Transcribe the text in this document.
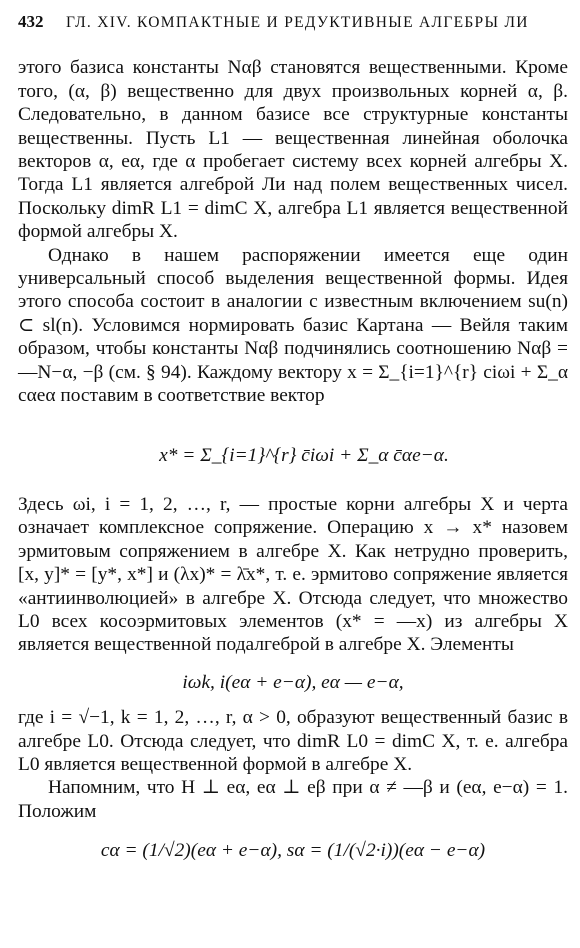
432	ГЛ. XIV. КОМПАКТНЫЕ И РЕДУКТИВНЫЕ АЛГЕБРЫ ЛИ

этого базиса константы Nαβ становятся вещественными. Кроме того, (α, β) вещественно для двух произвольных корней α, β. Следовательно, в данном базисе все структурные константы вещественны. Пусть L1 — вещественная линейная оболочка векторов α, eα, где α пробегает систему всех корней алгебры X. Тогда L1 является алгеброй Ли над полем вещественных чисел. Поскольку dimR L1 = dimC X, алгебра L1 является вещественной формой алгебры X.

Однако в нашем распоряжении имеется еще один универсальный способ выделения вещественной формы. Идея этого способа состоит в аналогии с известным включением su(n) ⊂ sl(n). Условимся нормировать базис Картана — Вейля таким образом, чтобы константы Nαβ подчинялись соотношению Nαβ = —N−α, −β (см. § 94). Каждому вектору x = Σ_{i=1}^{r} ciωi + Σ_α cαeα поставим в соответствие вектор

x* = Σ_{i=1}^{r} c̄iωi + Σ_α c̄αe−α.

Здесь ωi, i = 1, 2, …, r, — простые корни алгебры X и черта означает комплексное сопряжение. Операцию x → x* назовем эрмитовым сопряжением в алгебре X. Как нетрудно проверить, [x, y]* = [y*, x*] и (λx)* = λ̄x*, т. е. эрмитово сопряжение является «антиинволюцией» в алгебре X. Отсюда следует, что множество L0 всех косоэрмитовых элементов (x* = —x) из алгебры X является вещественной подалгеброй в алгебре X. Элементы

iωk, i(eα + e−α), eα — e−α,

где i = √−1, k = 1, 2, …, r, α > 0, образуют вещественный базис в алгебре L0. Отсюда следует, что dimR L0 = dimC X, т. е. алгебра L0 является вещественной формой в алгебре X.

Напомним, что H ⊥ eα, eα ⊥ eβ при α ≠ —β и (eα, e−α) = 1. Положим

cα = (1/√2)(eα + e−α), sα = (1/(√2·i))(eα − e−α)
